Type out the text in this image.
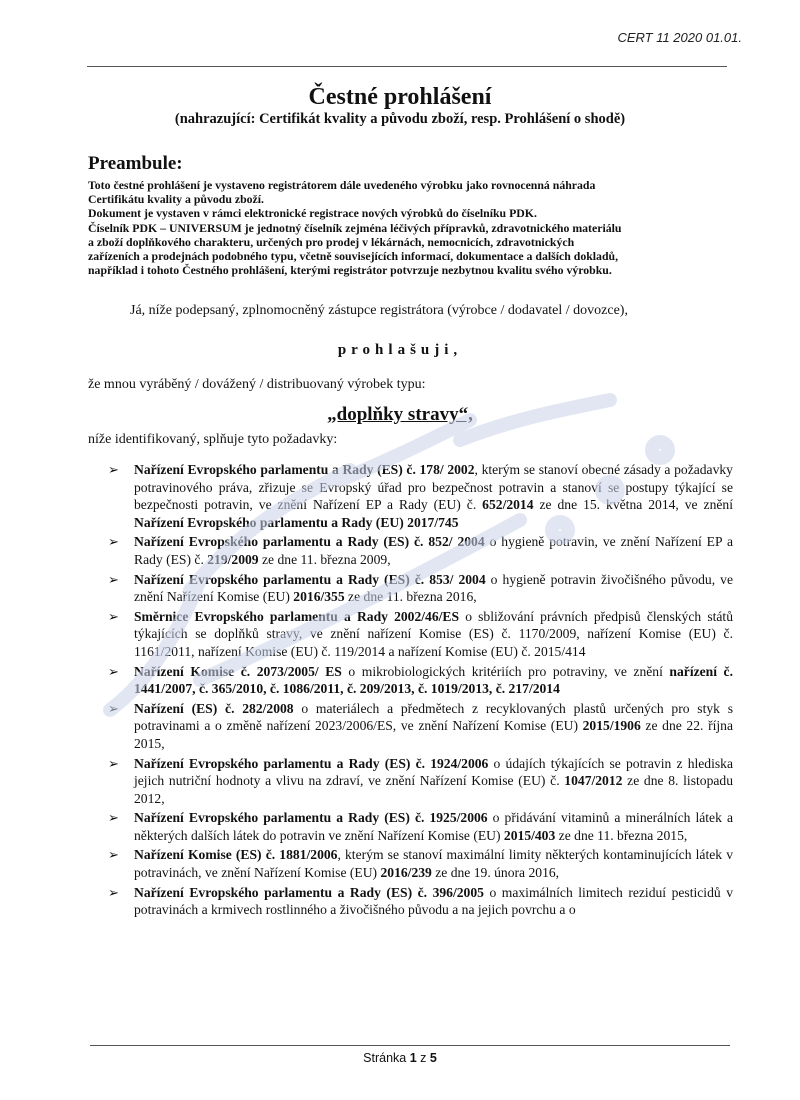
CERT 11 2020 01.01.
Čestné prohlášení
(nahrazující: Certifikát kvality a původu zboží, resp. Prohlášení o shodě)
Preambule:
Toto čestné prohlášení je vystaveno registrátorem dále uvedeného výrobku jako rovnocenná náhrada
Certifikátu kvality a původu zboží.
Dokument je vystaven v rámci elektronické registrace nových výrobků do číselníku PDK.
Číselník PDK – UNIVERSUM je jednotný číselník zejména léčivých přípravků, zdravotnického materiálu
a zboží doplňkového charakteru, určených pro prodej v lékárnách, nemocnicích, zdravotnických
zařízeních a prodejnách podobného typu, včetně souvisejících informací, dokumentace a dalších dokladů,
například i tohoto Čestného prohlášení, kterými registrátor potvrzuje nezbytnou kvalitu svého výrobku.
Já, níže podepsaný, zplnomocněný zástupce registrátora (výrobce / dodavatel / dovozce),
prohlašuji,
že mnou vyráběný / dovážený / distribuovaný výrobek typu:
„doplňky stravy“,
níže identifikovaný, splňuje tyto požadavky:
➢ Nařízení Evropského parlamentu a Rady (ES) č. 178/ 2002, kterým se stanoví obecné zásady a požadavky potravinového práva, zřizuje se Evropský úřad pro bezpečnost potravin a stanoví se postupy týkající se bezpečnosti potravin, ve znění Nařízení EP a Rady (EU) č. 652/2014 ze dne 15. května 2014, ve znění Nařízení Evropského parlamentu a Rady (EU) 2017/745
➢ Nařízení Evropského parlamentu a Rady (ES) č. 852/ 2004 o hygieně potravin, ve znění Nařízení EP a Rady (ES) č. 219/2009 ze dne 11. března 2009,
➢ Nařízení Evropského parlamentu a Rady (ES) č. 853/ 2004 o hygieně potravin živočišného původu, ve znění Nařízení Komise (EU) 2016/355 ze dne 11. března 2016,
➢ Směrnice Evropského parlamentu a Rady 2002/46/ES o sbližování právních předpisů členských států týkajících se doplňků stravy, ve znění nařízení Komise (ES) č. 1170/2009, nařízení Komise (EU) č. 1161/2011, nařízení Komise (EU) č. 119/2014 a nařízení Komise (EU) č. 2015/414
➢ Nařízení Komise č. 2073/2005/ ES o mikrobiologických kritériích pro potraviny, ve znění nařízení č. 1441/2007, č. 365/2010, č. 1086/2011, č. 209/2013, č. 1019/2013, č. 217/2014
➢ Nařízení (ES) č. 282/2008 o materiálech a předmětech z recyklovaných plastů určených pro styk s potravinami a o změně nařízení 2023/2006/ES, ve znění Nařízení Komise (EU) 2015/1906 ze dne 22. října 2015,
➢ Nařízení Evropského parlamentu a Rady (ES) č. 1924/2006 o údajích týkajících se potravin z hlediska jejich nutriční hodnoty a vlivu na zdraví, ve znění Nařízení Komise (EU) č. 1047/2012 ze dne 8. listopadu 2012,
➢ Nařízení Evropského parlamentu a Rady (ES) č. 1925/2006 o přidávání vitaminů a minerálních látek a některých dalších látek do potravin ve znění Nařízení Komise (EU) 2015/403 ze dne 11. března 2015,
➢ Nařízení Komise (ES) č. 1881/2006, kterým se stanoví maximální limity některých kontaminujících látek v potravinách, ve znění Nařízení Komise (EU) 2016/239 ze dne 19. února 2016,
➢ Nařízení Evropského parlamentu a Rady (ES) č. 396/2005 o maximálních limitech reziduí pesticidů v potravinách a krmivech rostlinného a živočišného původu a na jejich povrchu a o
Stránka 1 z 5
